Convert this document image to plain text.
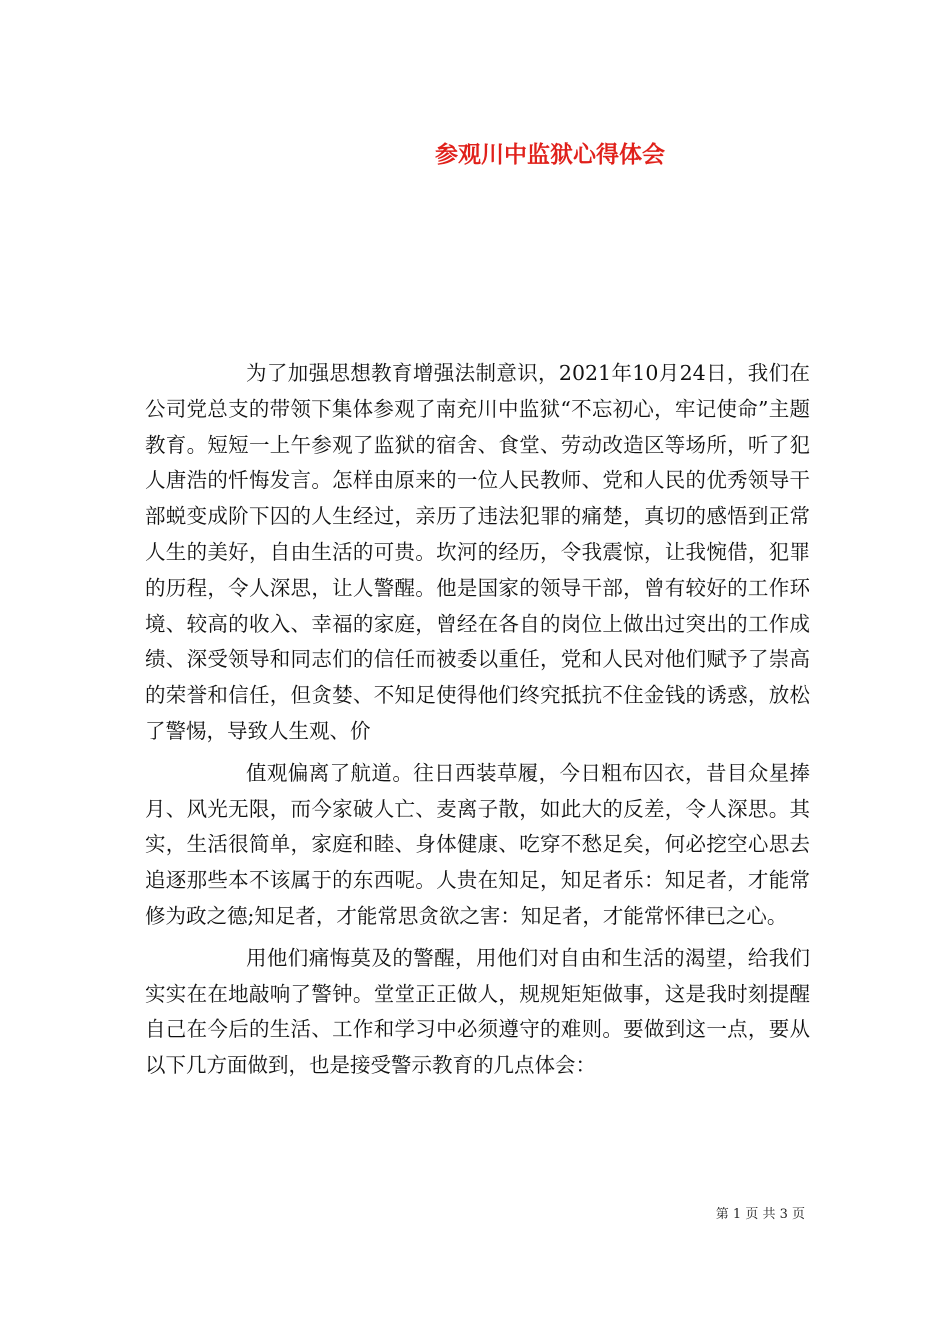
参观川中监狱心得体会

为了加强思想教育增强法制意识，2021年10月24日，我们在公司党总支的带领下集体参观了南充川中监狱“不忘初心，牢记使命”主题教育。短短一上午参观了监狱的宿舍、食堂、劳动改造区等场所，听了犯人唐浩的忏悔发言。怎样由原来的一位人民教师、党和人民的优秀领导干部蜕变成阶下囚的人生经过，亲历了违法犯罪的痛楚，真切的感悟到正常人生的美好，自由生活的可贵。坎河的经历，令我震惊，让我惋借，犯罪的历程，令人深思，让人警醒。他是国家的领导干部，曾有较好的工作环境、较高的收入、幸福的家庭，曾经在各自的岗位上做出过突出的工作成绩、深受领导和同志们的信任而被委以重任，党和人民对他们赋予了崇高的荣誉和信任，但贪婪、不知足使得他们终究抵抗不住金钱的诱惑，放松了警惕，导致人生观、价

值观偏离了航道。往日西装草履，今日粗布囚衣，昔目众星捧月、风光无限，而今家破人亡、麦离子散，如此大的反差，令人深思。其实，生活很简单，家庭和睦、身体健康、吃穿不愁足矣，何必挖空心思去追逐那些本不该属于的东西呢。人贵在知足，知足者乐：知足者，才能常修为政之德;知足者，才能常思贪欲之害：知足者，才能常怀律已之心。

用他们痛悔莫及的警醒，用他们对自由和生活的渴望，给我们实实在在地敲响了警钟。堂堂正正做人，规规矩矩做事，这是我时刻提醒自己在今后的生活、工作和学习中必须遵守的难则。要做到这一点，要从以下几方面做到，也是接受警示教育的几点体会：

第 1 页 共 3 页
